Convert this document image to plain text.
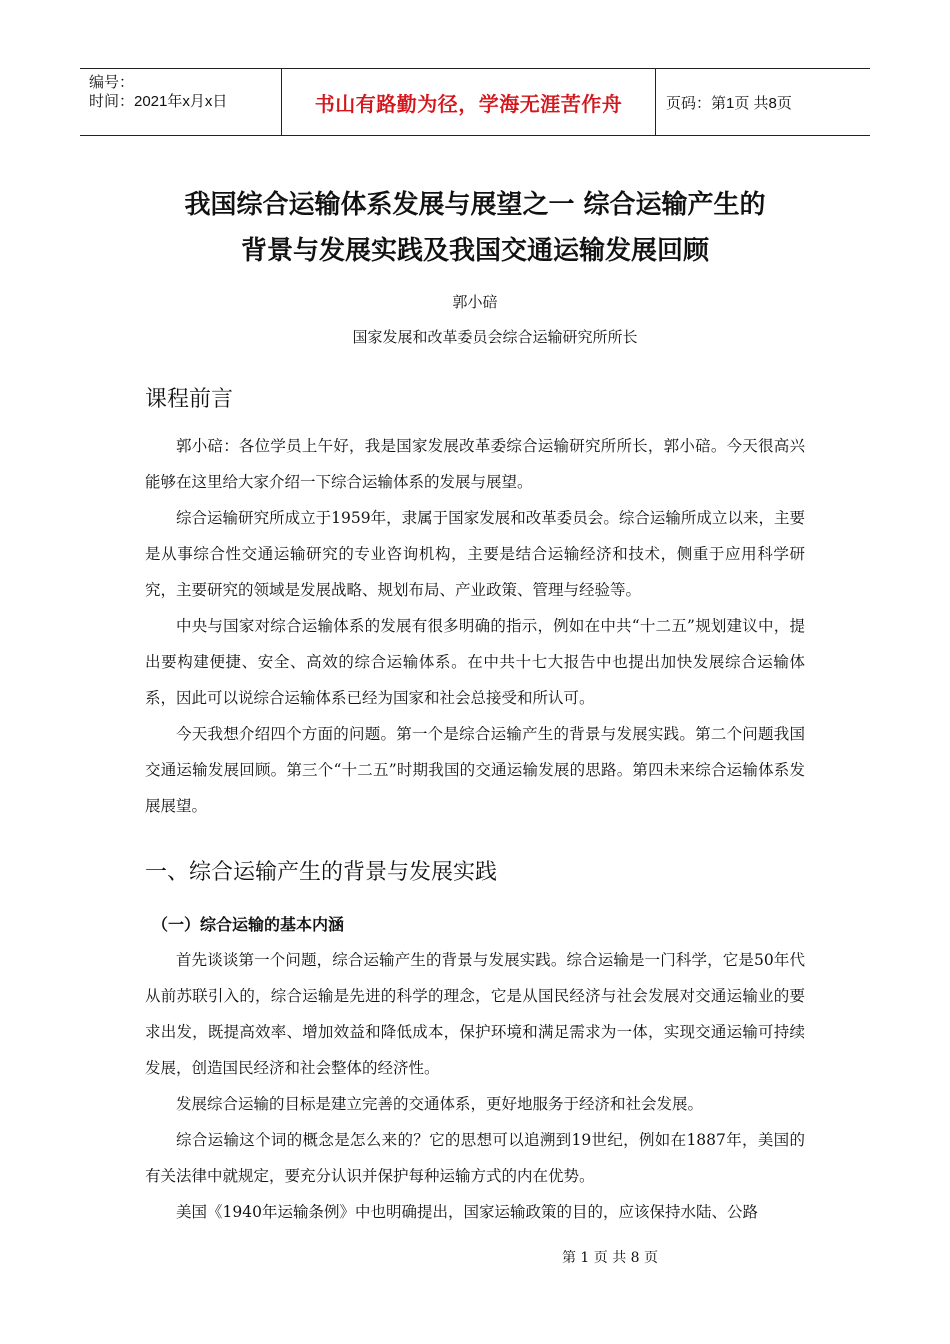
编号：
时间：2021年x月x日	书山有路勤为径，学海无涯苦作舟	页码：第1页 共8页
我国综合运输体系发展与展望之一 综合运输产生的
背景与发展实践及我国交通运输发展回顾
郭小碚
国家发展和改革委员会综合运输研究所所长
课程前言

郭小碚：各位学员上午好，我是国家发展改革委综合运输研究所所长，郭小碚。今天很高兴能够在这里给大家介绍一下综合运输体系的发展与展望。

综合运输研究所成立于1959年，隶属于国家发展和改革委员会。综合运输所成立以来，主要是从事综合性交通运输研究的专业咨询机构，主要是结合运输经济和技术，侧重于应用科学研究，主要研究的领域是发展战略、规划布局、产业政策、管理与经验等。

中央与国家对综合运输体系的发展有很多明确的指示，例如在中共“十二五”规划建议中，提出要构建便捷、安全、高效的综合运输体系。在中共十七大报告中也提出加快发展综合运输体系，因此可以说综合运输体系已经为国家和社会总接受和所认可。

今天我想介绍四个方面的问题。第一个是综合运输产生的背景与发展实践。第二个问题我国交通运输发展回顾。第三个“十二五”时期我国的交通运输发展的思路。第四未来综合运输体系发展展望。

一、综合运输产生的背景与发展实践
（一）综合运输的基本内涵

首先谈谈第一个问题，综合运输产生的背景与发展实践。综合运输是一门科学，它是50年代从前苏联引入的，综合运输是先进的科学的理念，它是从国民经济与社会发展对交通运输业的要求出发，既提高效率、增加效益和降低成本，保护环境和满足需求为一体，实现交通运输可持续发展，创造国民经济和社会整体的经济性。

发展综合运输的目标是建立完善的交通体系，更好地服务于经济和社会发展。

综合运输这个词的概念是怎么来的？它的思想可以追溯到19世纪，例如在1887年，美国的有关法律中就规定，要充分认识并保护每种运输方式的内在优势。

美国《1940年运输条例》中也明确提出，国家运输政策的目的，应该保持水陆、公路

第 1 页 共 8 页
